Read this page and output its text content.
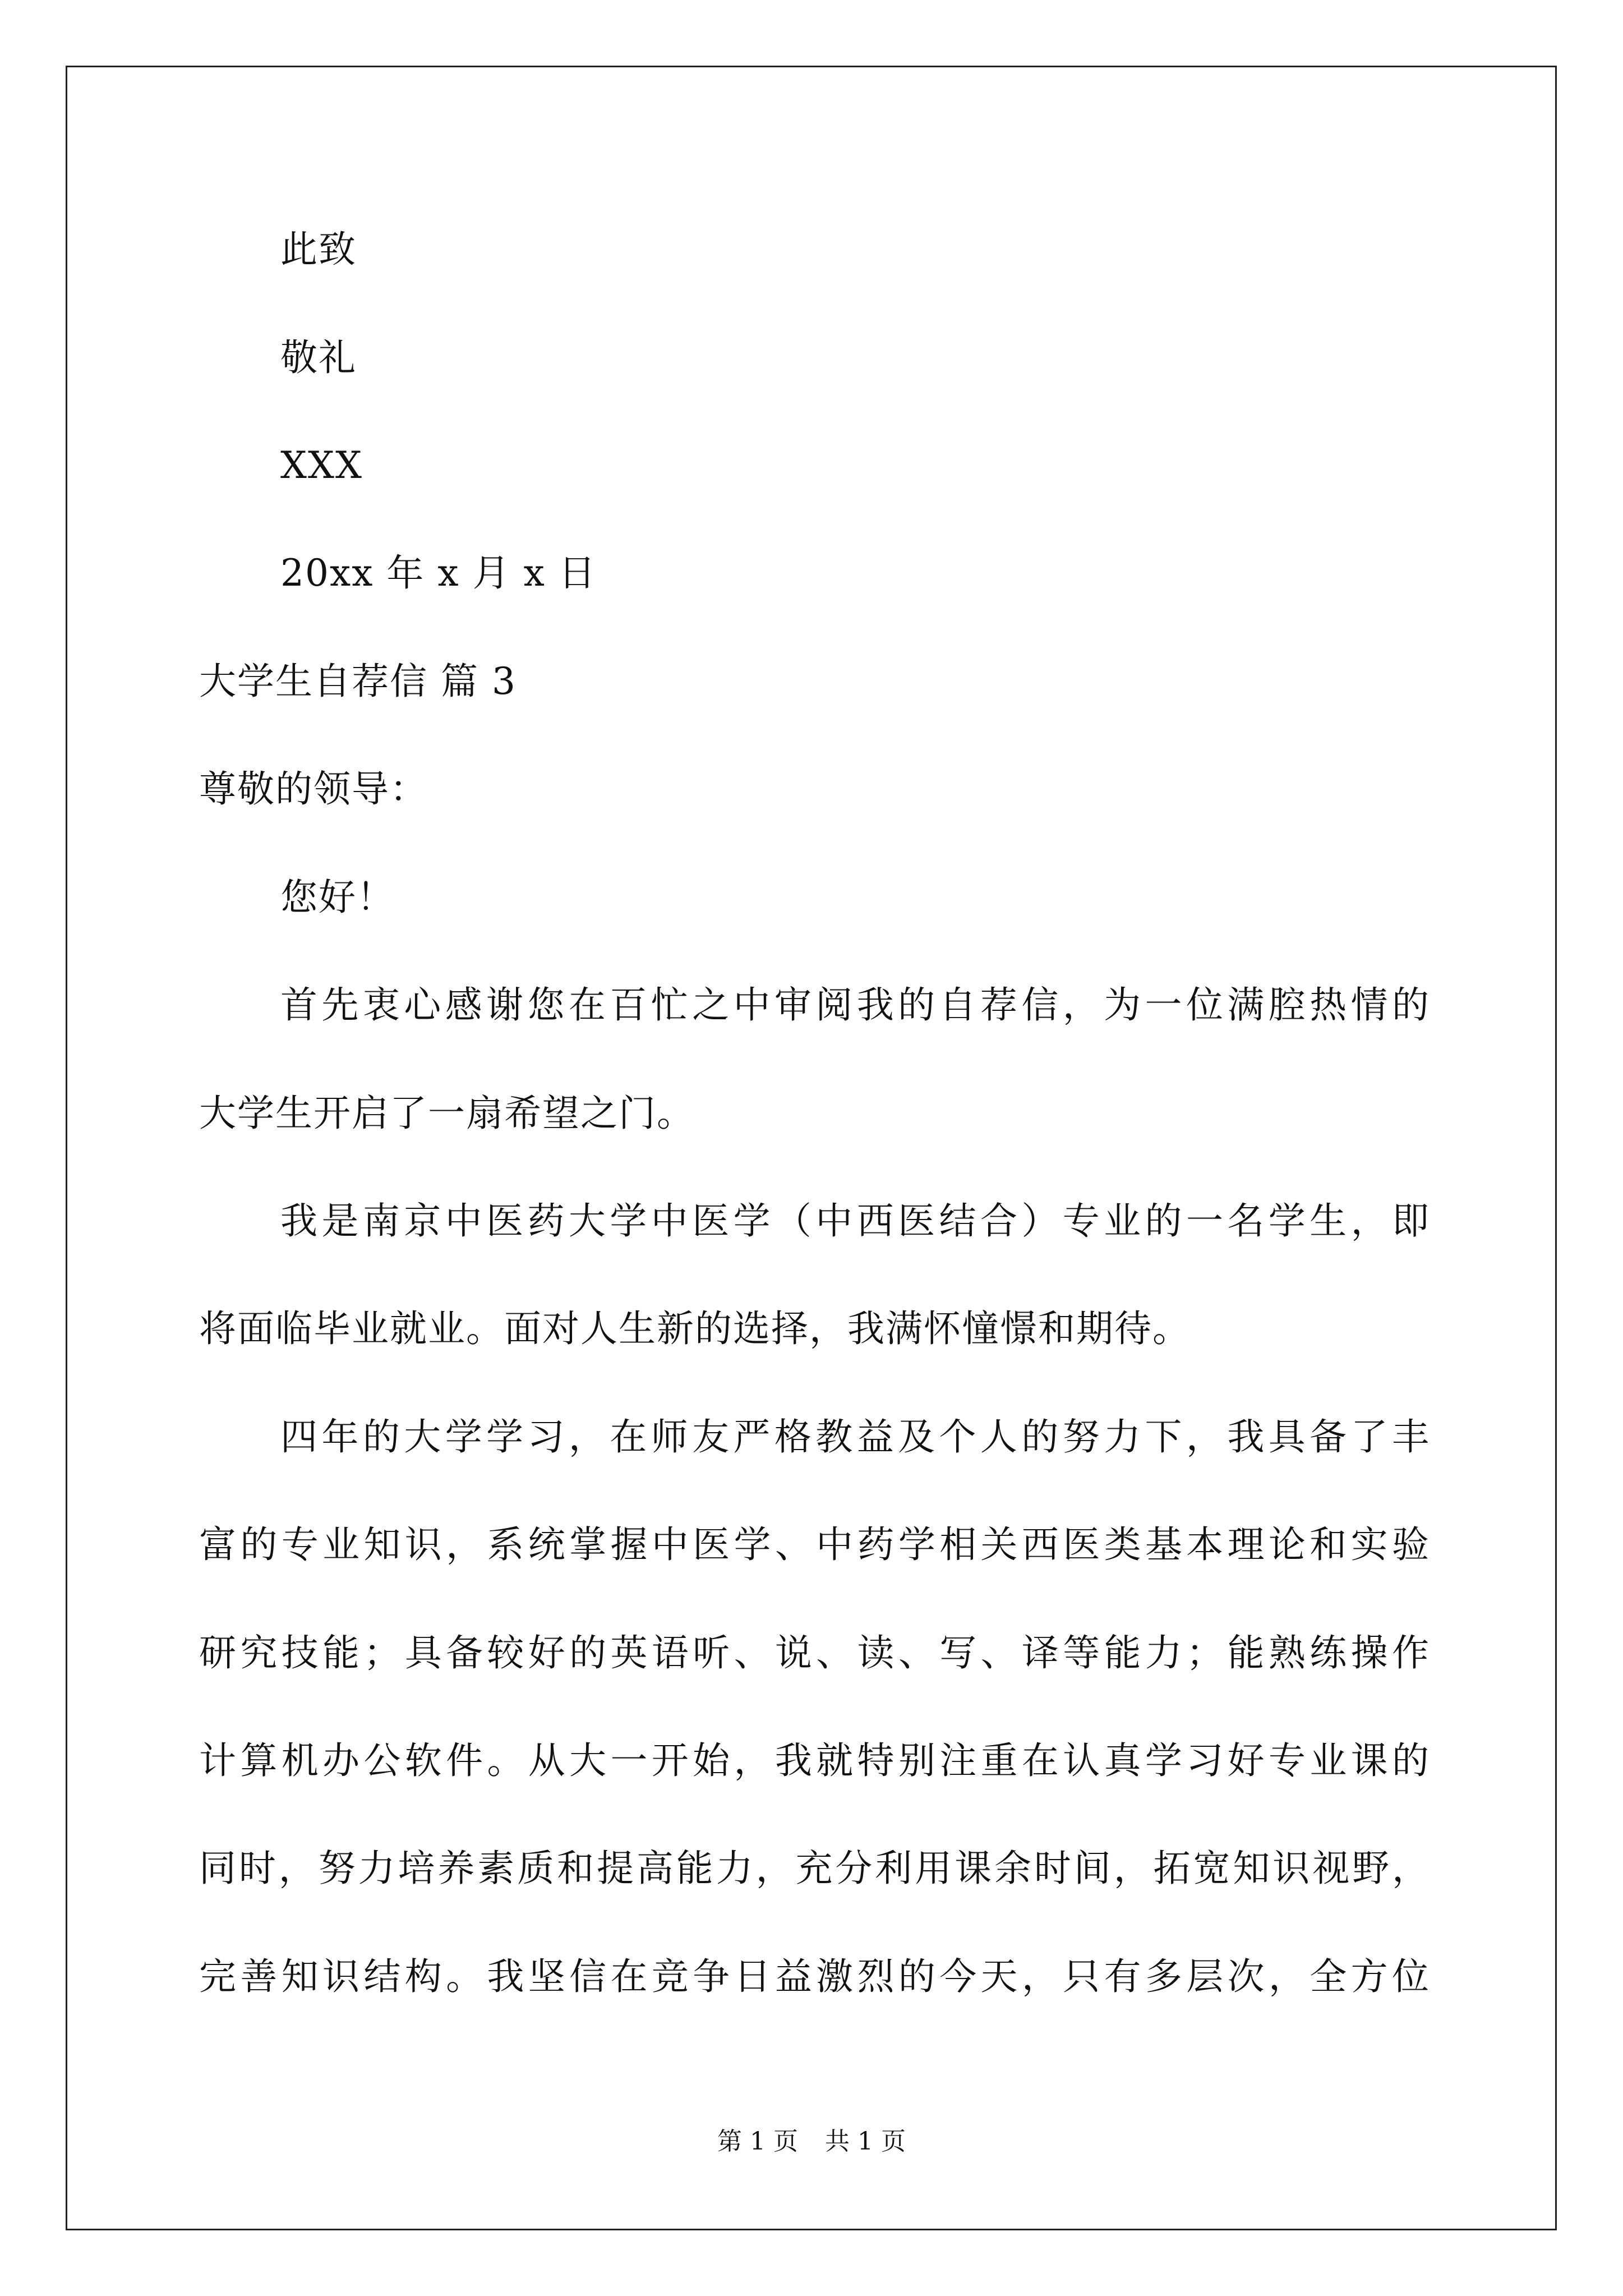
此致
敬礼
XXX
20xx 年 x 月 x 日
大学生自荐信 篇 3
尊敬的领导：
您好！
首先衷心感谢您在百忙之中审阅我的自荐信，为一位满腔热情的
大学生开启了一扇希望之门。
我是南京中医药大学中医学（中西医结合）专业的一名学生，即
将面临毕业就业。面对人生新的选择，我满怀憧憬和期待。
四年的大学学习，在师友严格教益及个人的努力下，我具备了丰
富的专业知识，系统掌握中医学、中药学相关西医类基本理论和实验
研究技能；具备较好的英语听、说、读、写、译等能力；能熟练操作
计算机办公软件。从大一开始，我就特别注重在认真学习好专业课的
同时，努力培养素质和提高能力，充分利用课余时间，拓宽知识视野，
完善知识结构。我坚信在竞争日益激烈的今天，只有多层次，全方位
第 1 页 共 1 页
